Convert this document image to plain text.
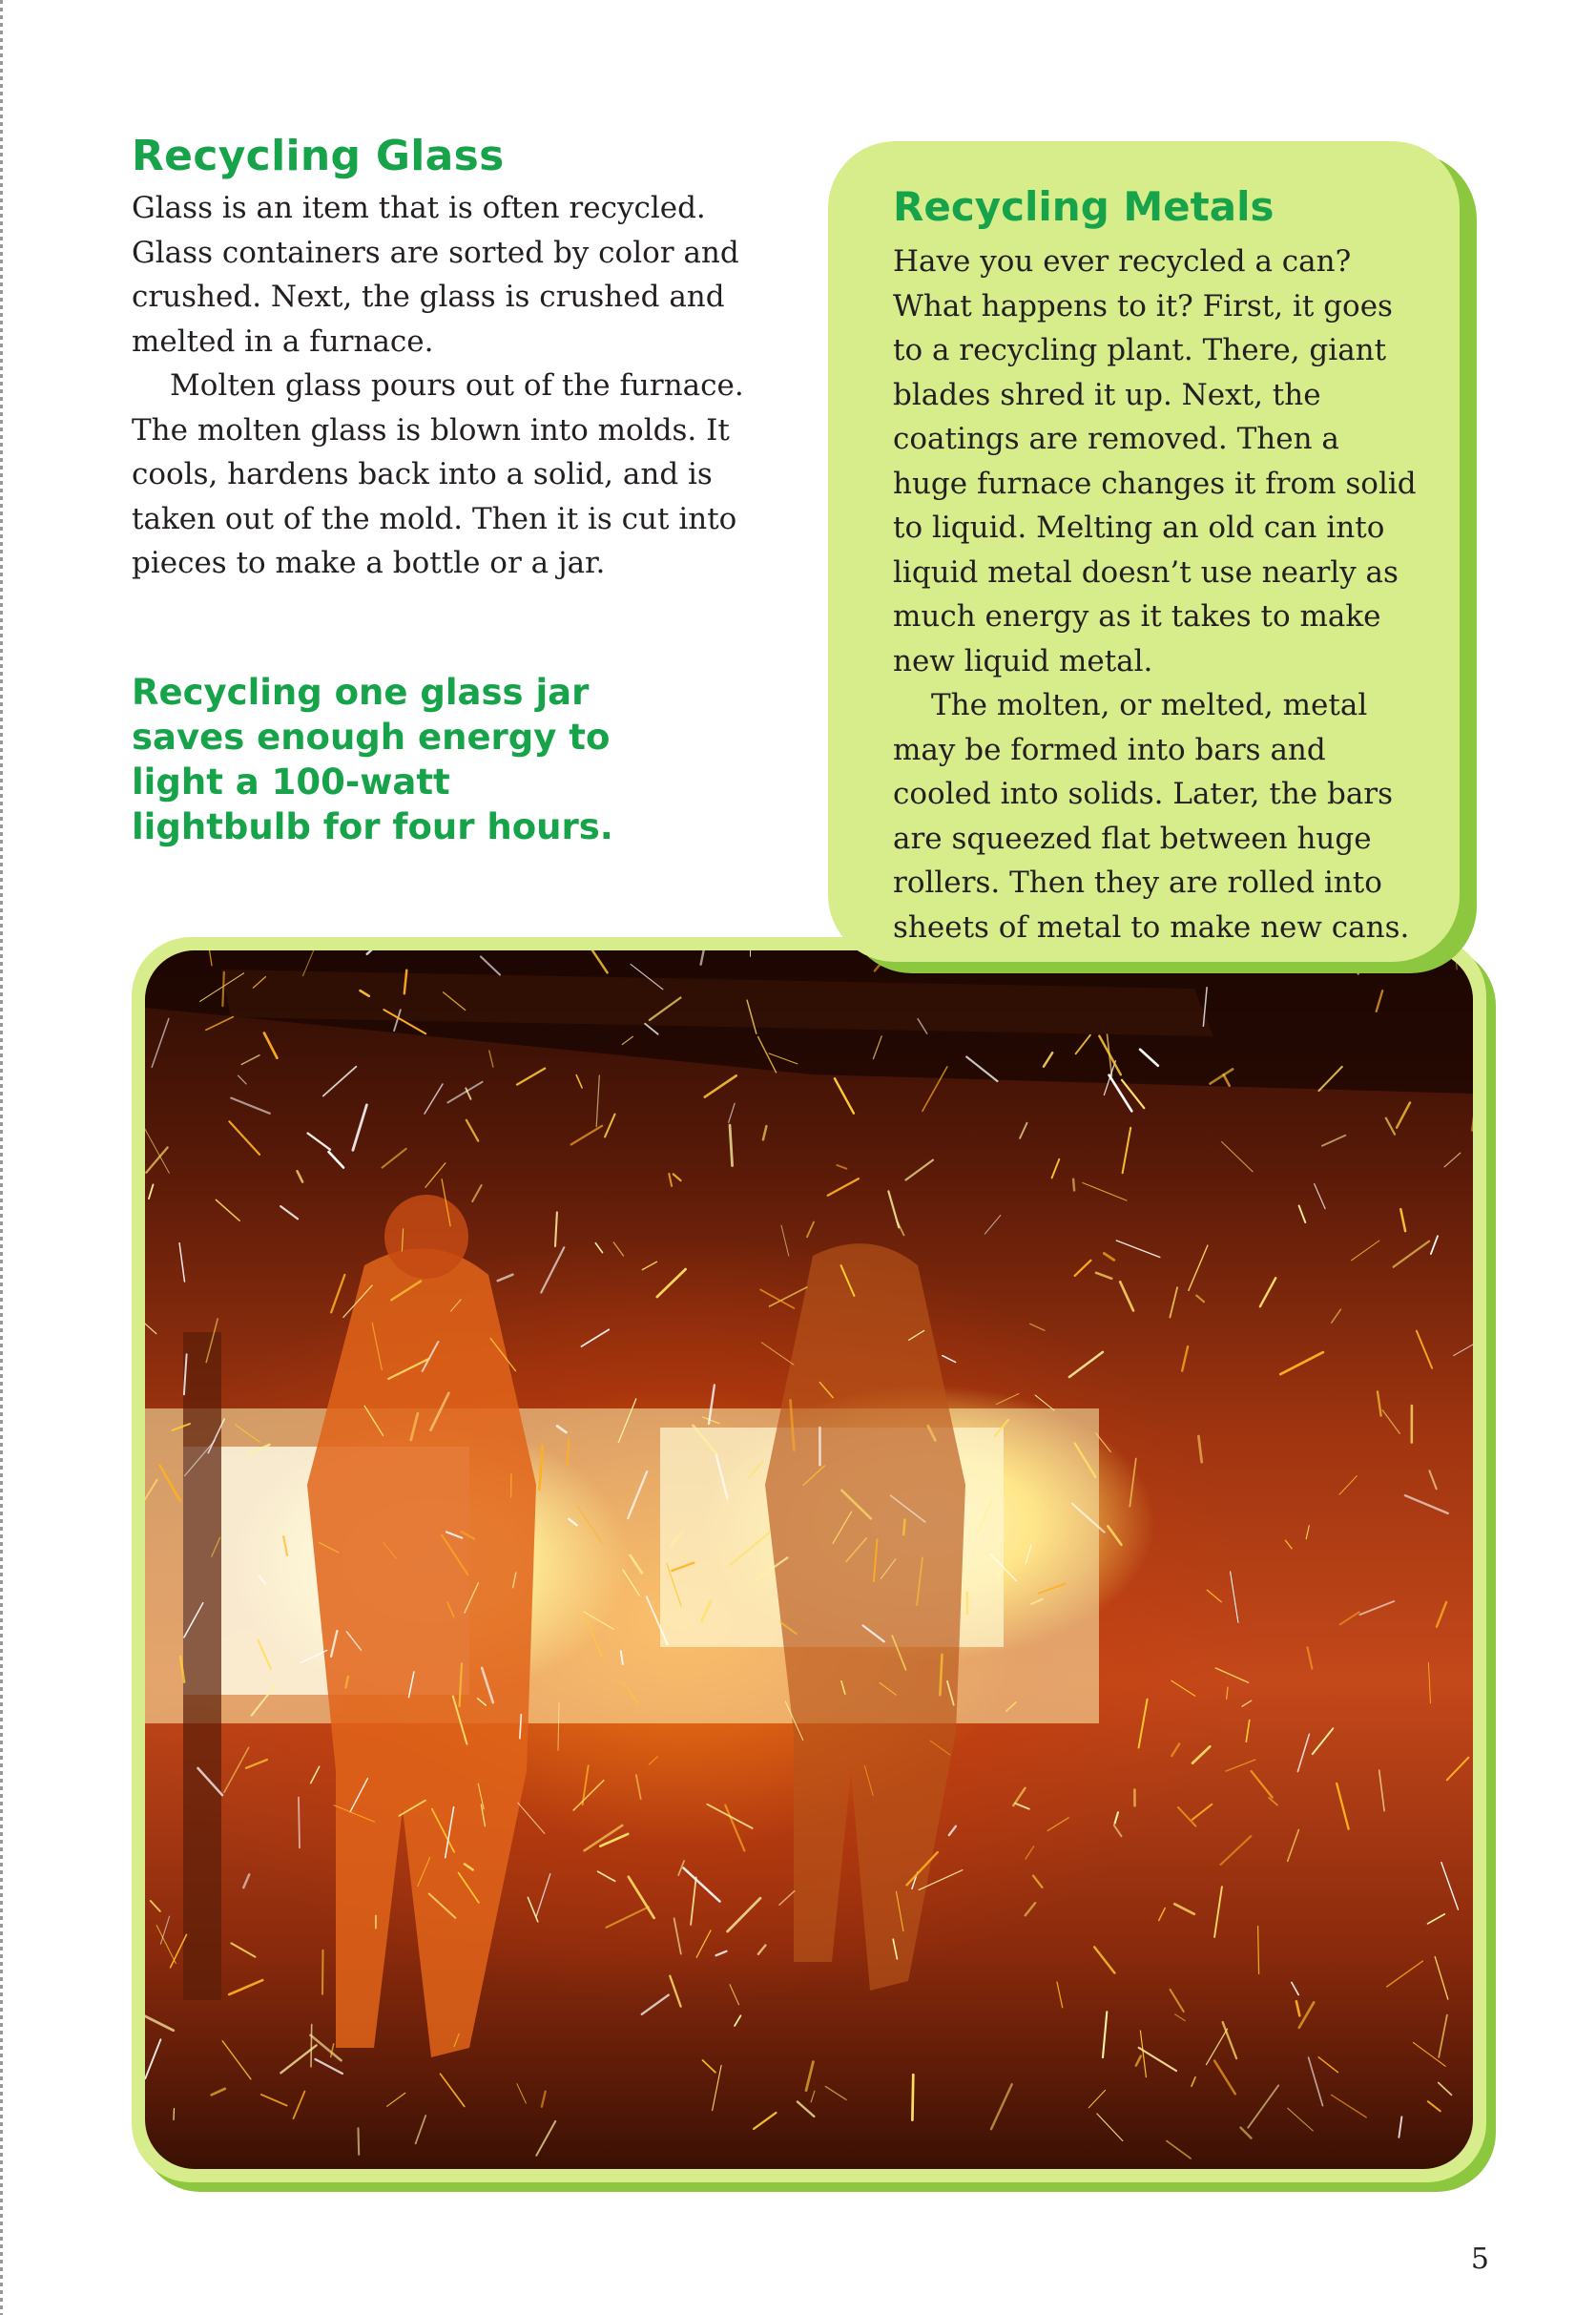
Recycling Glass

Glass is an item that is often recycled. Glass containers are sorted by color and crushed. Next, the glass is crushed and melted in a furnace.

Molten glass pours out of the furnace. The molten glass is blown into molds. It cools, hardens back into a solid, and is taken out of the mold. Then it is cut into pieces to make a bottle or a jar.

Recycling one glass jar saves enough energy to light a 100-watt lightbulb for four hours.
Recycling Metals

Have you ever recycled a can? What happens to it? First, it goes to a recycling plant. There, giant blades shred it up. Next, the coatings are removed. Then a huge furnace changes it from solid to liquid. Melting an old can into liquid metal doesn’t use nearly as much energy as it takes to make new liquid metal.

The molten, or melted, metal may be formed into bars and cooled into solids. Later, the bars are squeezed flat between huge rollers. Then they are rolled into sheets of metal to make new cans.

5
